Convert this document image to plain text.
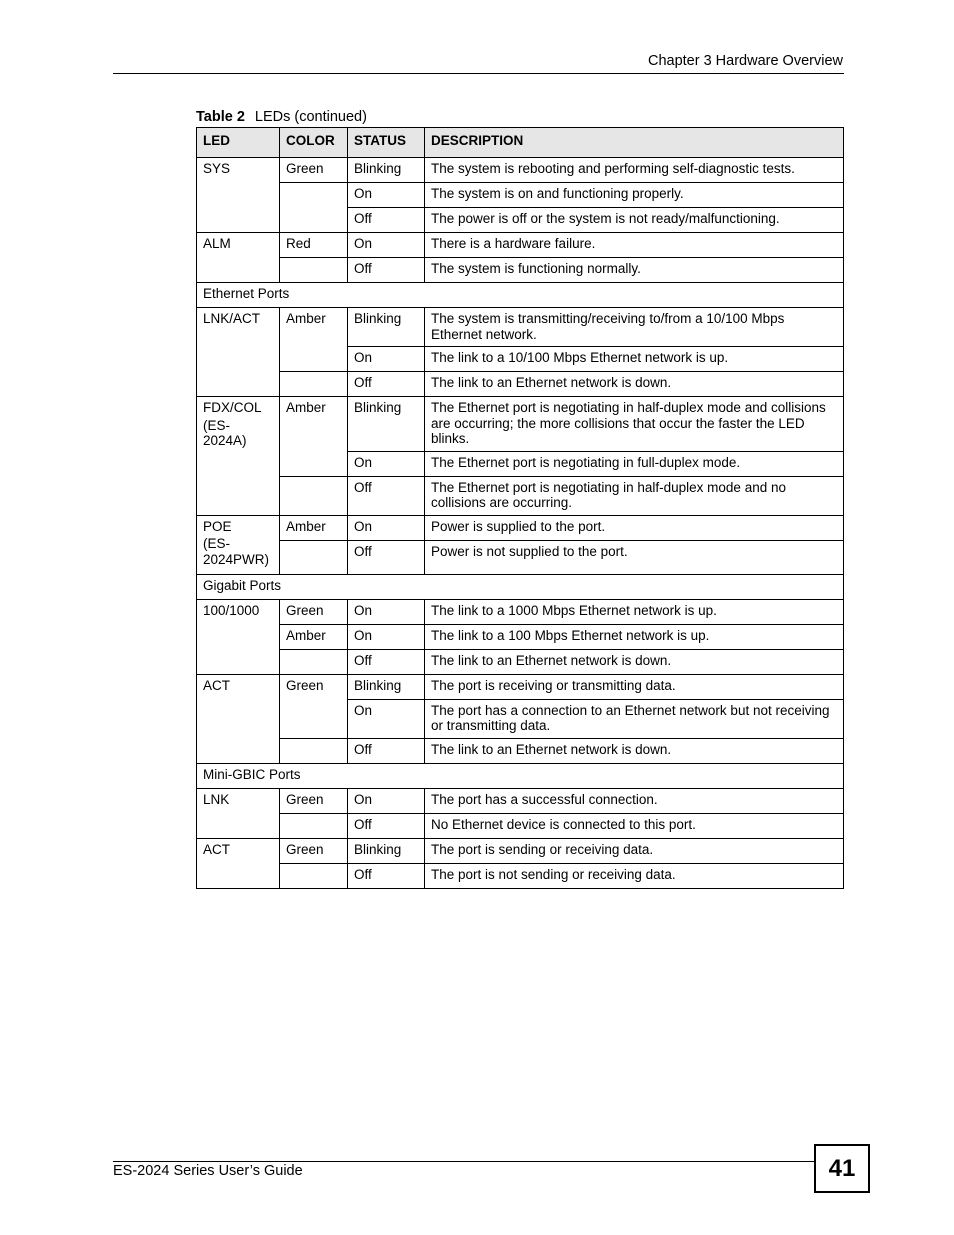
Chapter 3 Hardware Overview
Table 2 LEDs (continued)
LED	COLOR	STATUS	DESCRIPTION

SYS	Green	Blinking	The system is rebooting and performing self-diagnostic tests.
		On	The system is on and functioning properly.
		Off	The power is off or the system is not ready/malfunctioning.

ALM	Red	On	There is a hardware failure.
		Off	The system is functioning normally.
Ethernet Ports			

LNK/ACT	Amber	Blinking	The system is transmitting/receiving to/from a 10/100 Mbps Ethernet network.
		On	The link to a 10/100 Mbps Ethernet network is up.
		Off	The link to an Ethernet network is down.

FDX/COL
(ES-2024A)	Amber	Blinking	The Ethernet port is negotiating in half-duplex mode and collisions are occurring; the more collisions that occur the faster the LED blinks.
		On	The Ethernet port is negotiating in full-duplex mode.
		Off	The Ethernet port is negotiating in half-duplex mode and no collisions are occurring.

POE
(ES-2024PWR)	Amber	On	Power is supplied to the port.
		Off	Power is not supplied to the port.
Gigabit Ports			

100/1000	Green	On	The link to a 1000 Mbps Ethernet network is up.
	Amber	On	The link to a 100 Mbps Ethernet network is up.
		Off	The link to an Ethernet network is down.

ACT	Green	Blinking	The port is receiving or transmitting data.
		On	The port has a connection to an Ethernet network but not receiving or transmitting data.
		Off	The link to an Ethernet network is down.
Mini-GBIC Ports			

LNK	Green	On	The port has a successful connection.
		Off	No Ethernet device is connected to this port.

ACT	Green	Blinking	The port is sending or receiving data.
		Off	The port is not sending or receiving data.
ES-2024 Series User’s Guide	41
